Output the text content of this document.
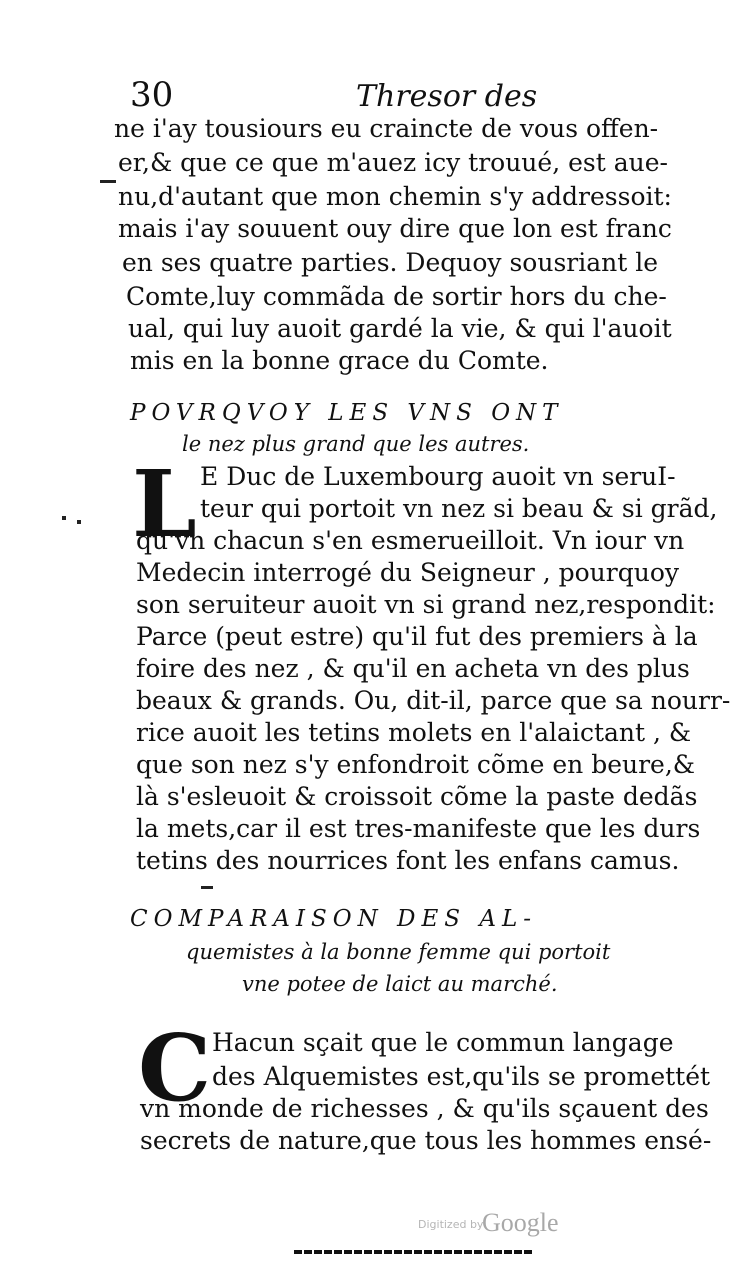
30	Thresor des
ne i'ay tousiours eu craincte de vous offen-
er,& que ce que m'auez icy trouué, est aue-
nu,d'autant que mon chemin s'y addressoit:
mais i'ay souuent ouy dire que lon est franc
en ses quatre parties. Dequoy sousriant le
Comte,luy commãda de sortir hors du che-
ual, qui luy auoit gardé la vie, & qui l'auoit
mis en la bonne grace du Comte.
POVRQVOY LES VNS ONT
le nez plus grand que les autres.
L E Duc de Luxembourg auoit vn seruI-
teur qui portoit vn nez si beau & si grãd,
qu'vn chacun s'en esmerueilloit. Vn iour vn
Medecin interrogé du Seigneur , pourquoy
son seruiteur auoit vn si grand nez,respondit:
Parce (peut estre) qu'il fut des premiers à la
foire des nez , & qu'il en acheta vn des plus
beaux & grands. Ou, dit-il, parce que sa nourr-
rice auoit les tetins molets en l'alaictant , &
que son nez s'y enfondroit cõme en beure,&
là s'esleuoit & croissoit cõme la paste dedãs
la mets,car il est tres-manifeste que les durs
tetins des nourrices font les enfans camus.
COMPARAISON DES AL-
quemistes à la bonne femme qui portoit
vne potee de laict au marché.
C Hacun sçait que le commun langage
des Alquemistes est,qu'ils se promettét
vn monde de richesses , & qu'ils sçauent des
secrets de nature,que tous les hommes ensé-
Digitized by
Google
